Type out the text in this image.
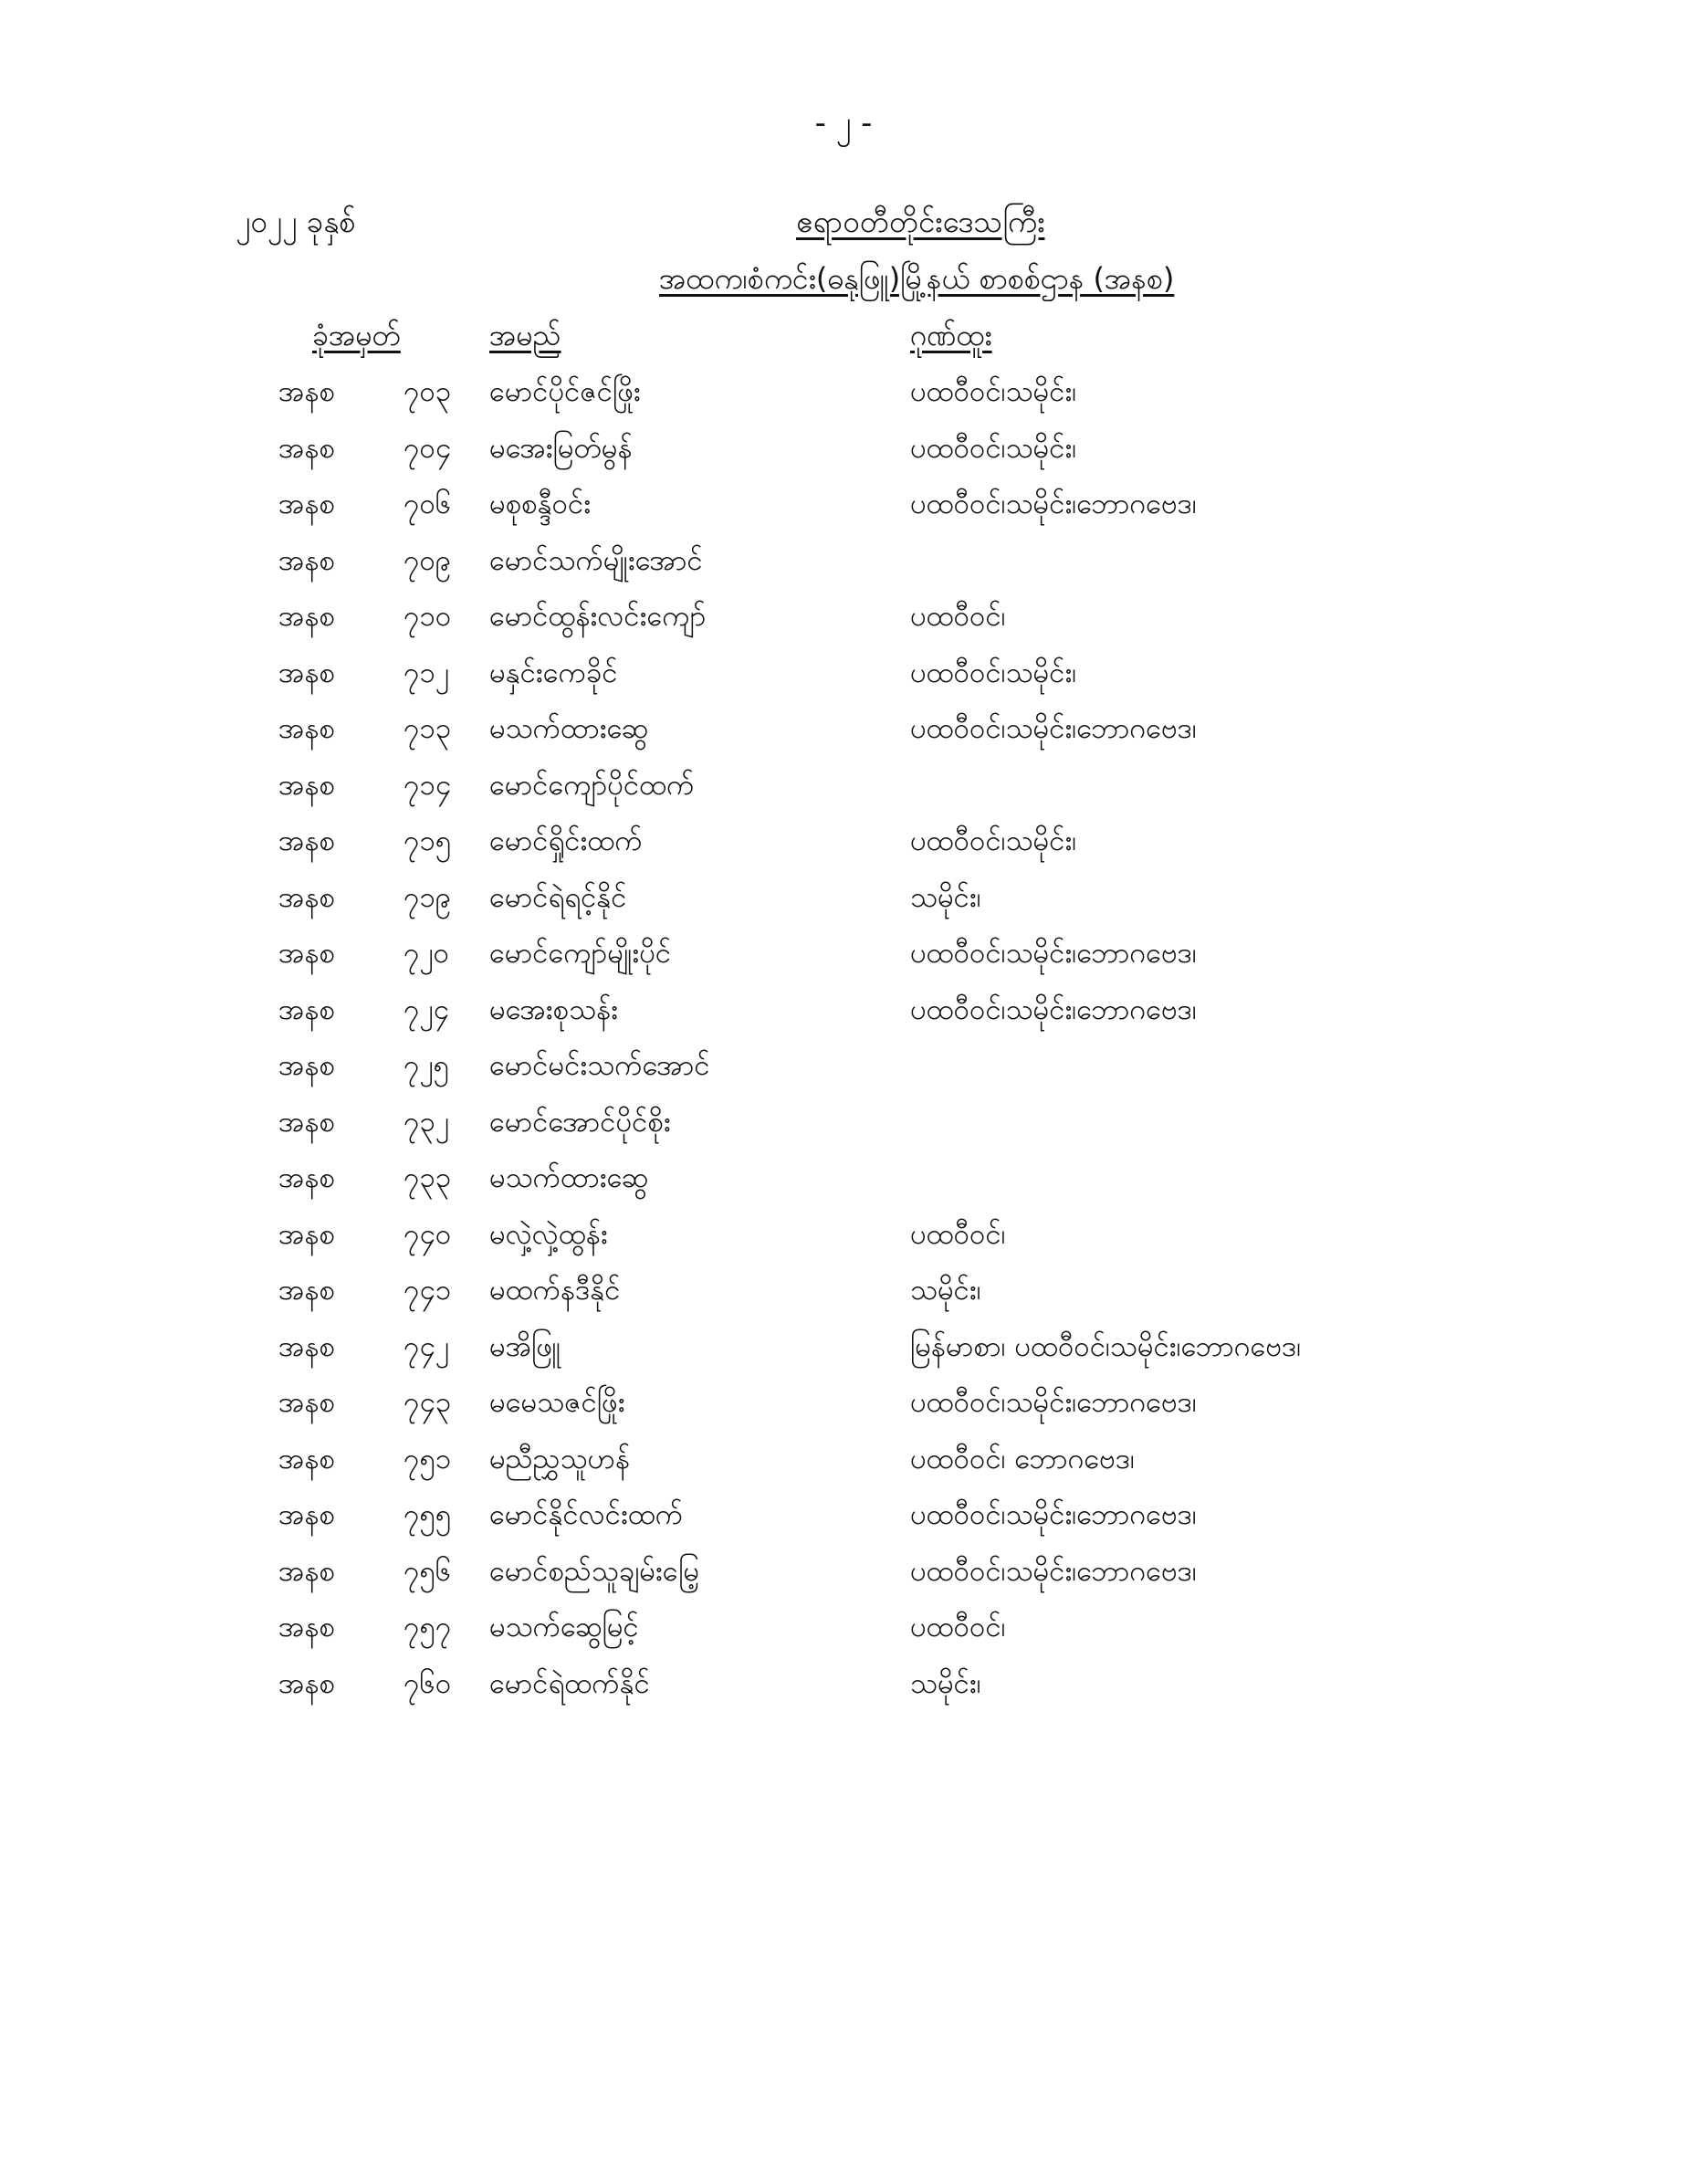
- ၂ -
၂၀၂၂ ခုနှစ်	ဧရာဝတီတိုင်းဒေသကြီး
အထက၊စံကင်း(ဓနုဖြူ)မြို့နယ် စာစစ်ဌာန (အနစ)
ခုံအမှတ်	အမည်	ဂုဏ်ထူး
အနစ ၇၀၃ မောင်ပိုင်ဇင်ဖြိုး	ပထဝီဝင်၊သမိုင်း၊
အနစ ၇၀၄ မအေးမြတ်မွန်	ပထဝီဝင်၊သမိုင်း၊
အနစ ၇၀၆ မစုစန္ဒီဝင်း	ပထဝီဝင်၊သမိုင်း၊ဘောဂဗေဒ၊
အနစ ၇၀၉ မောင်သက်မျိုးအောင်
အနစ ၇၁၀ မောင်ထွန်းလင်းကျော်	ပထဝီဝင်၊
အနစ ၇၁၂ မနှင်းကေခိုင်	ပထဝီဝင်၊သမိုင်း၊
အနစ ၇၁၃ မသက်ထားဆွေ	ပထဝီဝင်၊သမိုင်း၊ဘောဂဗေဒ၊
အနစ ၇၁၄ မောင်ကျော်ပိုင်ထက်
အနစ ၇၁၅ မောင်ရှိုင်းထက်	ပထဝီဝင်၊သမိုင်း၊
အနစ ၇၁၉ မောင်ရဲရင့်နိုင်	သမိုင်း၊
အနစ ၇၂၀ မောင်ကျော်မျိုးပိုင်	ပထဝီဝင်၊သမိုင်း၊ဘောဂဗေဒ၊
အနစ ၇၂၄ မအေးစုသန်း	ပထဝီဝင်၊သမိုင်း၊ဘောဂဗေဒ၊
အနစ ၇၂၅ မောင်မင်းသက်အောင်
အနစ ၇၃၂ မောင်အောင်ပိုင်စိုး
အနစ ၇၃၃ မသက်ထားဆွေ
အနစ ၇၄၀ မလှဲ့လှဲ့ထွန်း	ပထဝီဝင်၊
အနစ ၇၄၁ မထက်နဒီနိုင်	သမိုင်း၊
အနစ ၇၄၂ မအိဖြူ	မြန်မာစာ၊ ပထဝီဝင်၊သမိုင်း၊ဘောဂဗေဒ၊
အနစ ၇၄၃ မမေသဇင်ဖြိုး	ပထဝီဝင်၊သမိုင်း၊ဘောဂဗေဒ၊
အနစ ၇၅၁ မညီညွှသူဟန်	ပထဝီဝင်၊ ဘောဂဗေဒ၊
အနစ ၇၅၅ မောင်နိုင်လင်းထက်	ပထဝီဝင်၊သမိုင်း၊ဘောဂဗေဒ၊
အနစ ၇၅၆ မောင်စည်သူချမ်းမြေ့	ပထဝီဝင်၊သမိုင်း၊ဘောဂဗေဒ၊
အနစ ၇၅၇ မသက်ဆွေမြင့်	ပထဝီဝင်၊
အနစ ၇၆၀ မောင်ရဲထက်နိုင်	သမိုင်း၊
